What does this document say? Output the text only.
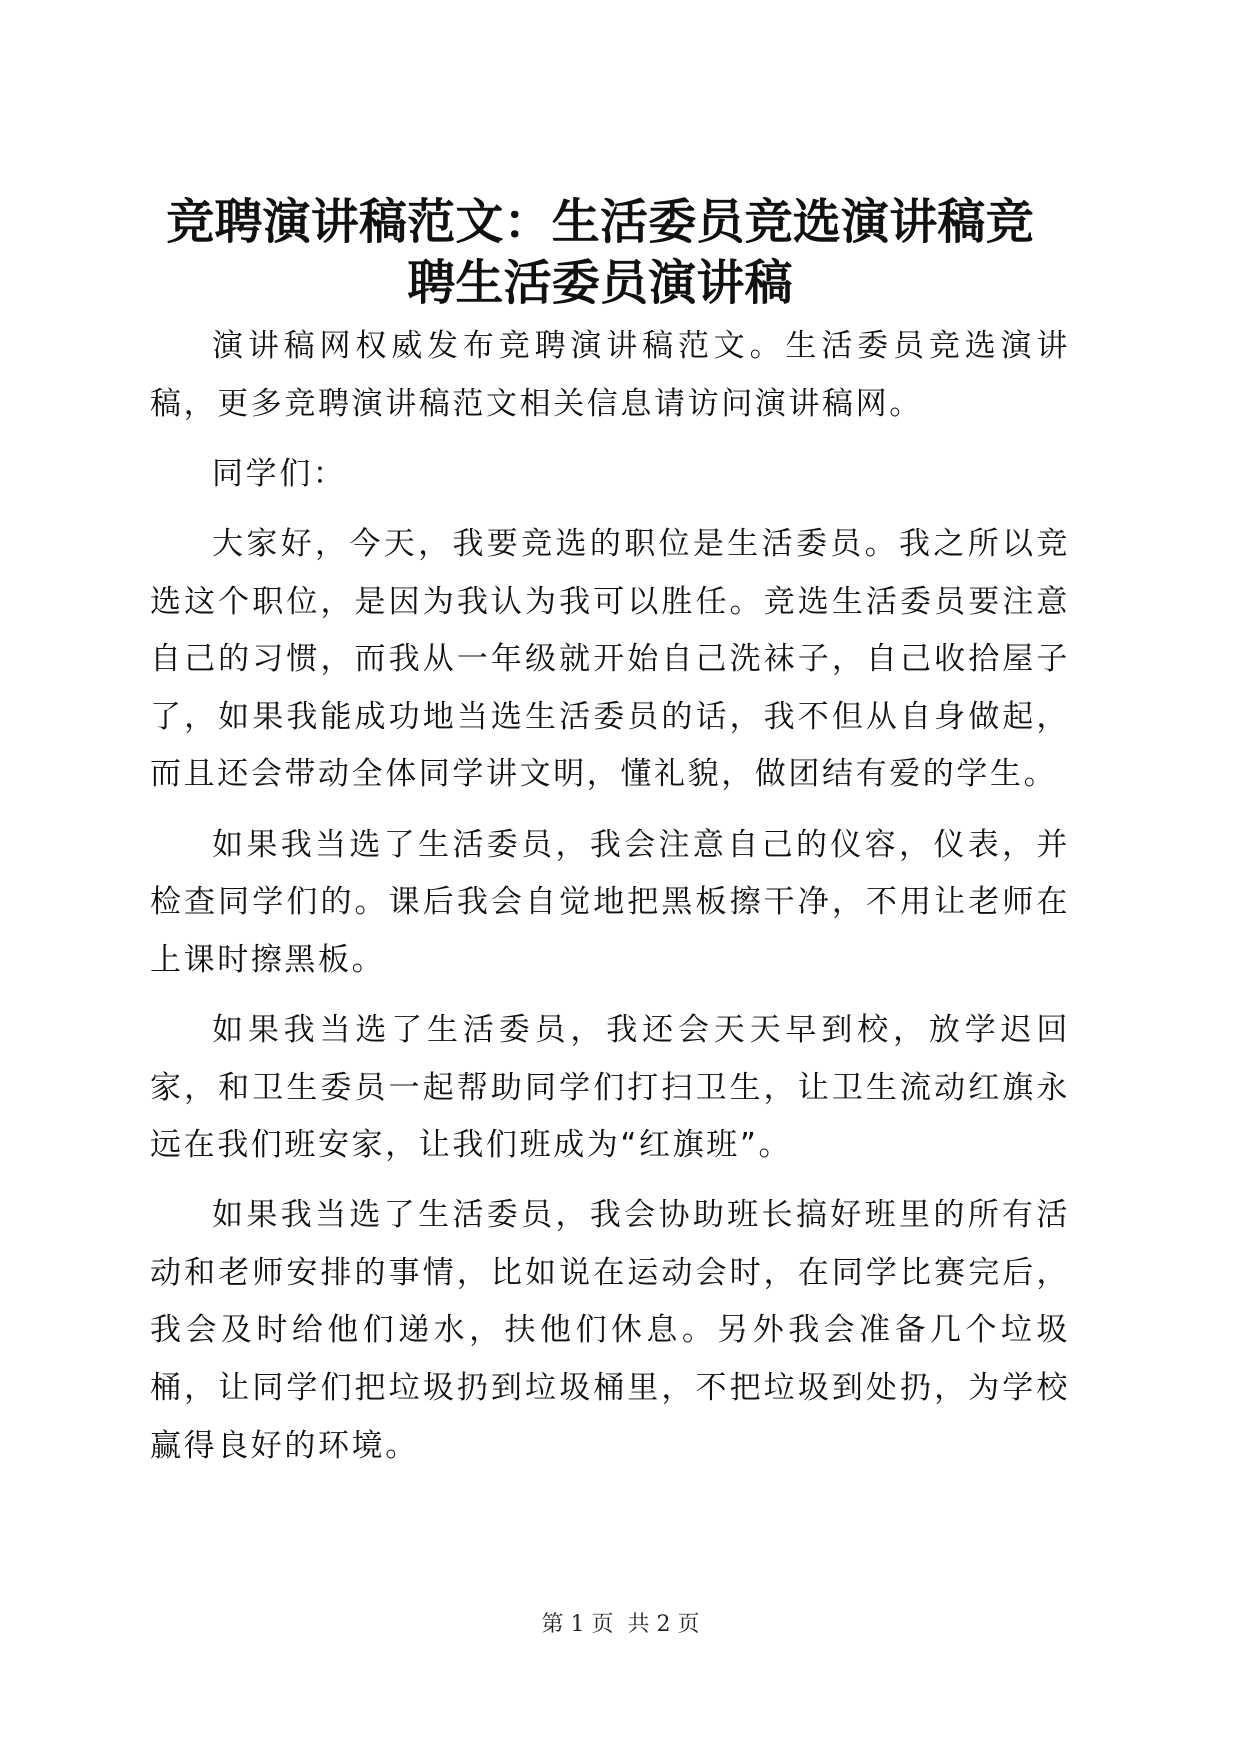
竞聘演讲稿范文：生活委员竞选演讲稿竞聘生活委员演讲稿

演讲稿网权威发布竞聘演讲稿范文。生活委员竞选演讲稿，更多竞聘演讲稿范文相关信息请访问演讲稿网。

同学们：

大家好，今天，我要竞选的职位是生活委员。我之所以竞选这个职位，是因为我认为我可以胜任。竞选生活委员要注意自己的习惯，而我从一年级就开始自己洗袜子，自己收拾屋子了，如果我能成功地当选生活委员的话，我不但从自身做起，而且还会带动全体同学讲文明，懂礼貌，做团结有爱的学生。

如果我当选了生活委员，我会注意自己的仪容，仪表，并检查同学们的。课后我会自觉地把黑板擦干净，不用让老师在上课时擦黑板。

如果我当选了生活委员，我还会天天早到校，放学迟回家，和卫生委员一起帮助同学们打扫卫生，让卫生流动红旗永远在我们班安家，让我们班成为“红旗班”。

如果我当选了生活委员，我会协助班长搞好班里的所有活动和老师安排的事情，比如说在运动会时，在同学比赛完后，我会及时给他们递水，扶他们休息。另外我会准备几个垃圾桶，让同学们把垃圾扔到垃圾桶里，不把垃圾到处扔，为学校赢得良好的环境。

第 1 页  共 2 页
